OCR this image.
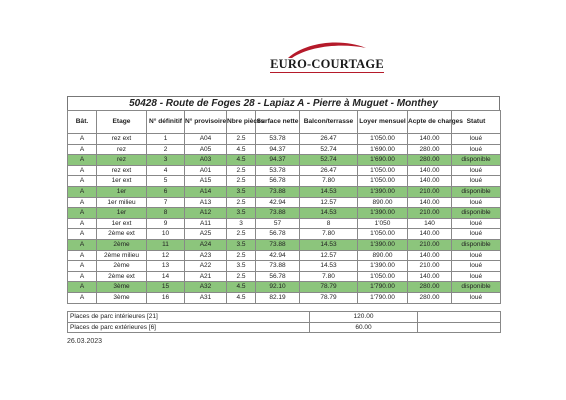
EURO-COURTAGE
50428 - Route de Foges 28 - Lapiaz A - Pierre à Muguet - Monthey
Bât.	Etage	N° définitif	N° provisoire	Nbre pièces	Surface nette	Balcon/terrasse	Loyer mensuel	Acpte de charges	Statut
A	rez ext	1	A04	2.5	53.78	26.47	1'050.00	140.00	loué
A	rez	2	A05	4.5	94.37	52.74	1'690.00	280.00	loué
A	rez	3	A03	4.5	94.37	52.74	1'690.00	280.00	disponible
A	rez ext	4	A01	2.5	53.78	26.47	1'050.00	140.00	loué
A	1er ext	5	A15	2.5	56.78	7.80	1'050.00	140.00	loué
A	1er	6	A14	3.5	73.88	14.53	1'390.00	210.00	disponible
A	1er milieu	7	A13	2.5	42.94	12.57	890.00	140.00	loué
A	1er	8	A12	3.5	73.88	14.53	1'390.00	210.00	disponible
A	1er ext	9	A11	3	57	8	1'050	140	loué
A	2ème ext	10	A25	2.5	56.78	7.80	1'050.00	140.00	loué
A	2ème	11	A24	3.5	73.88	14.53	1'390.00	210.00	disponible
A	2ème milieu	12	A23	2.5	42.94	12.57	890.00	140.00	loué
A	2ème	13	A22	3.5	73.88	14.53	1'390.00	210.00	loué
A	2ème ext	14	A21	2.5	56.78	7.80	1'050.00	140.00	loué
A	3ème	15	A32	4.5	92.10	78.79	1'790.00	280.00	disponible
A	3ème	16	A31	4.5	82.19	78.79	1'790.00	280.00	loué
Places de parc intérieures [21]	120.00	
Places de parc extérieures [6]	60.00	
26.03.2023
